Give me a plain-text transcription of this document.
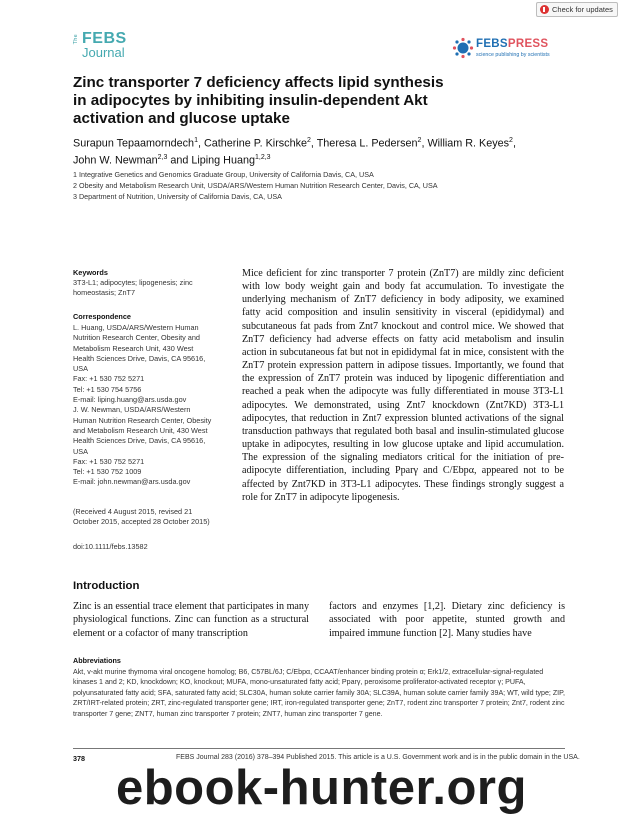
Check for updates
The FEBS
Journal
FEBSPRESS
science publishing by scientists
Zinc transporter 7 deficiency affects lipid synthesis
in adipocytes by inhibiting insulin-dependent Akt
activation and glucose uptake
Surapun Tepaamorndech$^1$, Catherine P. Kirschke$^2$, Theresa L. Pedersen$^2$, William R. Keyes$^2$,
John W. Newman$^{2,3}$ and Liping Huang$^{1,2,3}$
1 Integrative Genetics and Genomics Graduate Group, University of California Davis, CA, USA
2 Obesity and Metabolism Research Unit, USDA/ARS/Western Human Nutrition Research Center, Davis, CA, USA
3 Department of Nutrition, University of California Davis, CA, USA
Keywords
3T3-L1; adipocytes; lipogenesis; zinc
homeostasis; ZnT7
Correspondence
L. Huang, USDA/ARS/Western Human
Nutrition Research Center, Obesity and
Metabolism Research Unit, 430 West
Health Sciences Drive, Davis, CA 95616,
USA
Fax: +1 530 752 5271
Tel: +1 530 754 5756
E-mail: liping.huang@ars.usda.gov
J. W. Newman, USDA/ARS/Western
Human Nutrition Research Center, Obesity
and Metabolism Research Unit, 430 West
Health Sciences Drive, Davis, CA 95616,
USA
Fax: +1 530 752 5271
Tel: +1 530 752 1009
E-mail: john.newman@ars.usda.gov
(Received 4 August 2015, revised 21
October 2015, accepted 28 October 2015)
doi:10.1111/febs.13582
Mice deficient for zinc transporter 7 protein (ZnT7) are mildly zinc deficient with low body weight gain and body fat accumulation. To investigate the underlying mechanism of ZnT7 deficiency in body adiposity, we examined fatty acid composition and insulin sensitivity in visceral (epididymal) and subcutaneous fat pads from Znt7 knockout and control mice. We showed that ZnT7 deficiency had adverse effects on fatty acid metabolism and insulin action in subcutaneous fat but not in epididymal fat in mice, consistent with the ZnT7 protein expression pattern in adipose tissues. Importantly, we found that the expression of ZnT7 protein was induced by lipogenic differentiation and reached a peak when the adipocyte was fully differentiated in mouse 3T3-L1 adipocytes. We demonstrated, using Znt7 knockdown (Znt7KD) 3T3-L1 adipocytes, that reduction in Znt7 expression blunted activations of the signal transduction pathways that regulated both basal and insulin-stimulated glucose uptake in adipocytes, resulting in low glucose uptake and lipid accumulation. The expression of the signaling mediators critical for the initiation of pre-adipocyte differentiation, including Pparγ and C/Ebpα, appeared not to be affected by Znt7KD in 3T3-L1 adipocytes. These findings strongly suggest a role for ZnT7 in adipocyte lipogenesis.
Introduction
Zinc is an essential trace element that participates in many physiological functions. Zinc can function as a structural element or a cofactor of many transcription
factors and enzymes [1,2]. Dietary zinc deficiency is associated with poor appetite, stunted growth and impaired immune function [2]. Many studies have
Abbreviations
Akt, v-akt murine thymoma viral oncogene homolog; B6, C57BL/6J; C/Ebpα, CCAAT/enhancer binding protein α; Erk1/2, extracellular-signal-regulated kinases 1 and 2; KD, knockdown; KO, knockout; MUFA, mono-unsaturated fatty acid; Pparγ, peroxisome proliferator-activated receptor γ; PUFA, polyunsaturated fatty acid; SFA, saturated fatty acid; SLC30A, human solute carrier family 30A; SLC39A, human solute carrier family 39A; WT, wild type; ZIP, ZRT/IRT-related protein; ZRT, zinc-regulated transporter gene; IRT, iron-regulated transporter gene; ZnT7, rodent zinc transporter 7 protein; Znt7, rodent zinc transporter 7 gene; ZNT7, human zinc transporter 7 protein; ZNT7, human zinc transporter 7 gene.
378	FEBS Journal 283 (2016) 378–394 Published 2015. This article is a U.S. Government work and is in the public domain in the USA.
ebook-hunter.org
